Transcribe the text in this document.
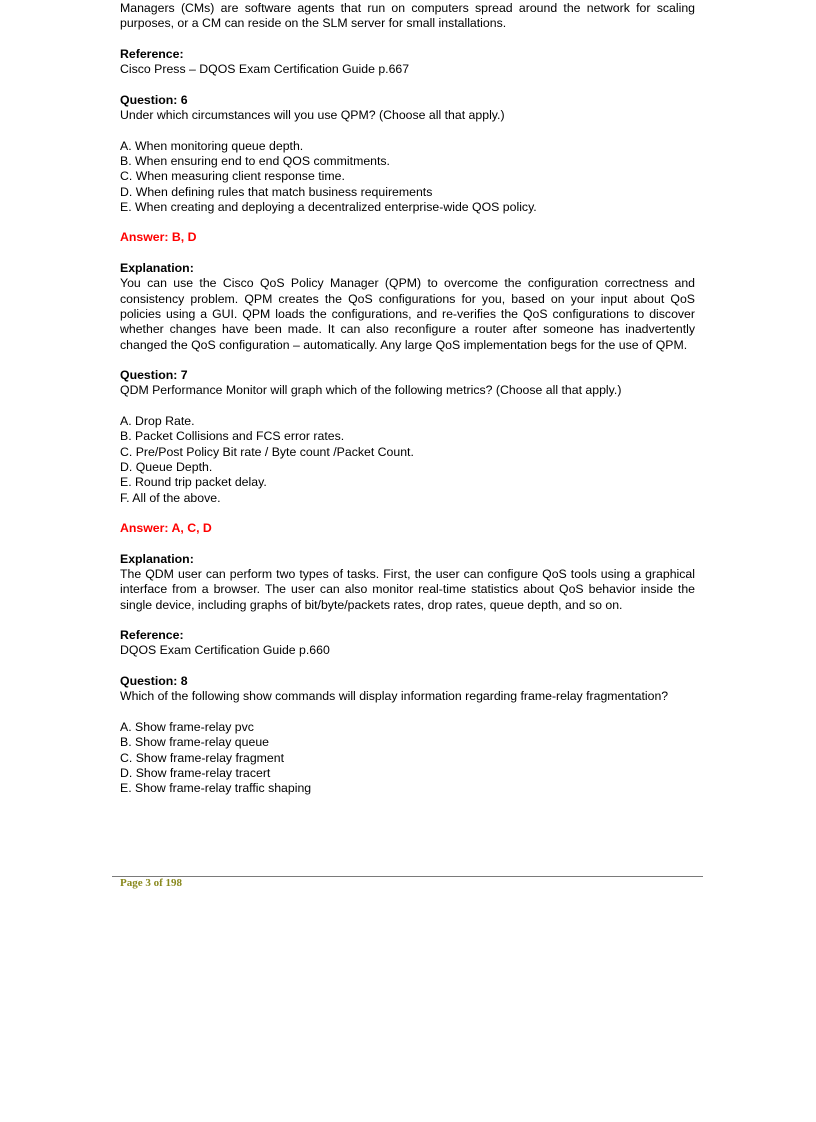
Managers (CMs) are software agents that run on computers spread around the network for scaling purposes, or a CM can reside on the SLM server for small installations.
Reference:
Cisco Press – DQOS Exam Certification Guide p.667
Question: 6
Under which circumstances will you use QPM? (Choose all that apply.)
A. When monitoring queue depth.
B. When ensuring end to end QOS commitments.
C. When measuring client response time.
D. When defining rules that match business requirements
E. When creating and deploying a decentralized enterprise-wide QOS policy.
Answer: B, D
Explanation:
You can use the Cisco QoS Policy Manager (QPM) to overcome the configuration correctness and consistency problem. QPM creates the QoS configurations for you, based on your input about QoS policies using a GUI. QPM loads the configurations, and re-verifies the QoS configurations to discover whether changes have been made. It can also reconfigure a router after someone has inadvertently changed the QoS configuration – automatically. Any large QoS implementation begs for the use of QPM.
Question: 7
QDM Performance Monitor will graph which of the following metrics? (Choose all that apply.)
A. Drop Rate.
B. Packet Collisions and FCS error rates.
C. Pre/Post Policy Bit rate / Byte count /Packet Count.
D. Queue Depth.
E. Round trip packet delay.
F. All of the above.
Answer: A, C, D
Explanation:
The QDM user can perform two types of tasks. First, the user can configure QoS tools using a graphical interface from a browser. The user can also monitor real-time statistics about QoS behavior inside the single device, including graphs of bit/byte/packets rates, drop rates, queue depth, and so on.
Reference:
DQOS Exam Certification Guide p.660
Question: 8
Which of the following show commands will display information regarding frame-relay fragmentation?
A. Show frame-relay pvc
B. Show frame-relay queue
C. Show frame-relay fragment
D. Show frame-relay tracert
E. Show frame-relay traffic shaping
Page 3 of 198
